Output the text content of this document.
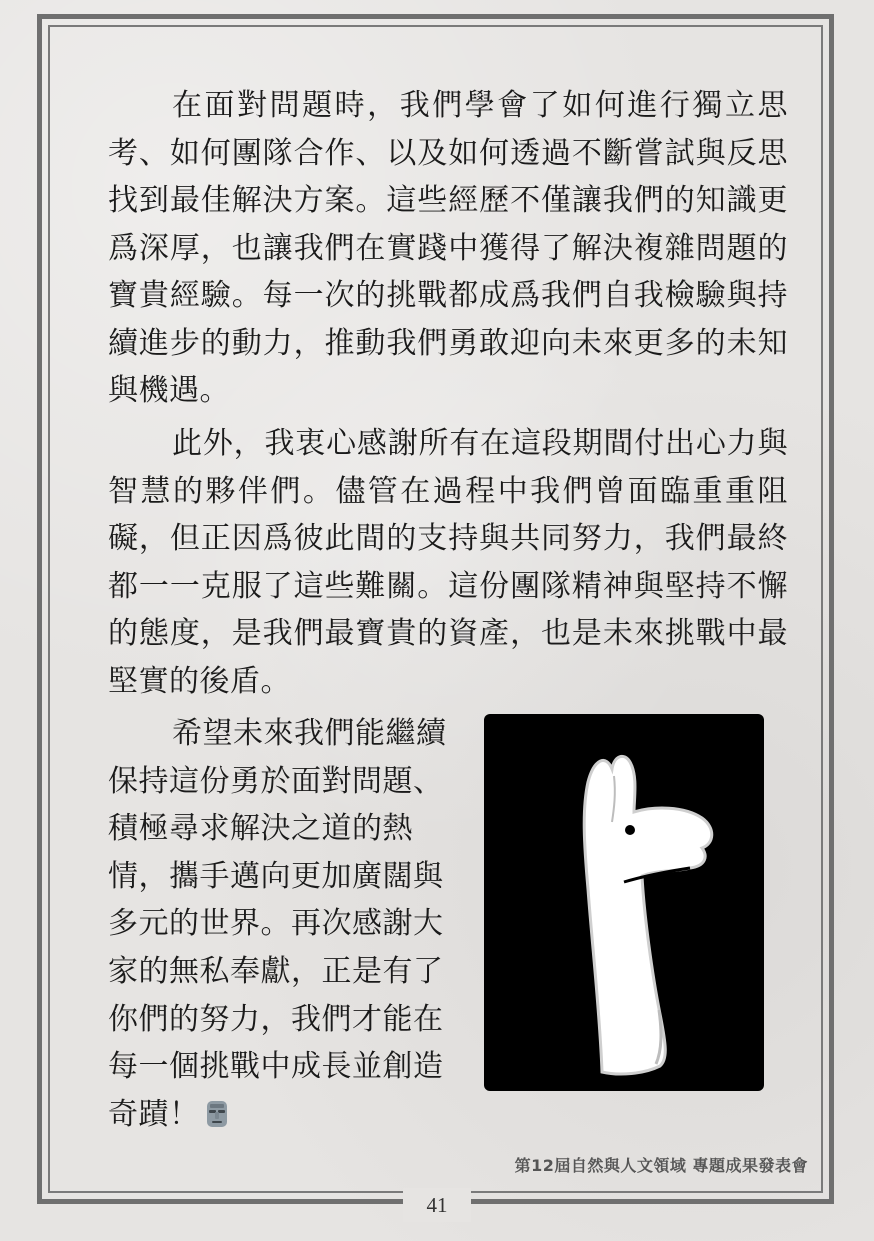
在面對問題時，我們學會了如何進行獨立思考、如何團隊合作、以及如何透過不斷嘗試與反思找到最佳解決方案。這些經歷不僅讓我們的知識更爲深厚，也讓我們在實踐中獲得了解決複雜問題的寶貴經驗。每一次的挑戰都成爲我們自我檢驗與持續進步的動力，推動我們勇敢迎向未來更多的未知與機遇。

此外，我衷心感謝所有在這段期間付出心力與智慧的夥伴們。儘管在過程中我們曾面臨重重阻礙，但正因爲彼此間的支持與共同努力，我們最終都一一克服了這些難關。這份團隊精神與堅持不懈的態度，是我們最寶貴的資產，也是未來挑戰中最堅實的後盾。

希望未來我們能繼續保持這份勇於面對問題、積極尋求解決之道的熱情，攜手邁向更加廣闊與多元的世界。再次感謝大家的無私奉獻，正是有了你們的努力，我們才能在每一個挑戰中成長並創造奇蹟！

第12屆自然與人文領域 專題成果發表會
41
